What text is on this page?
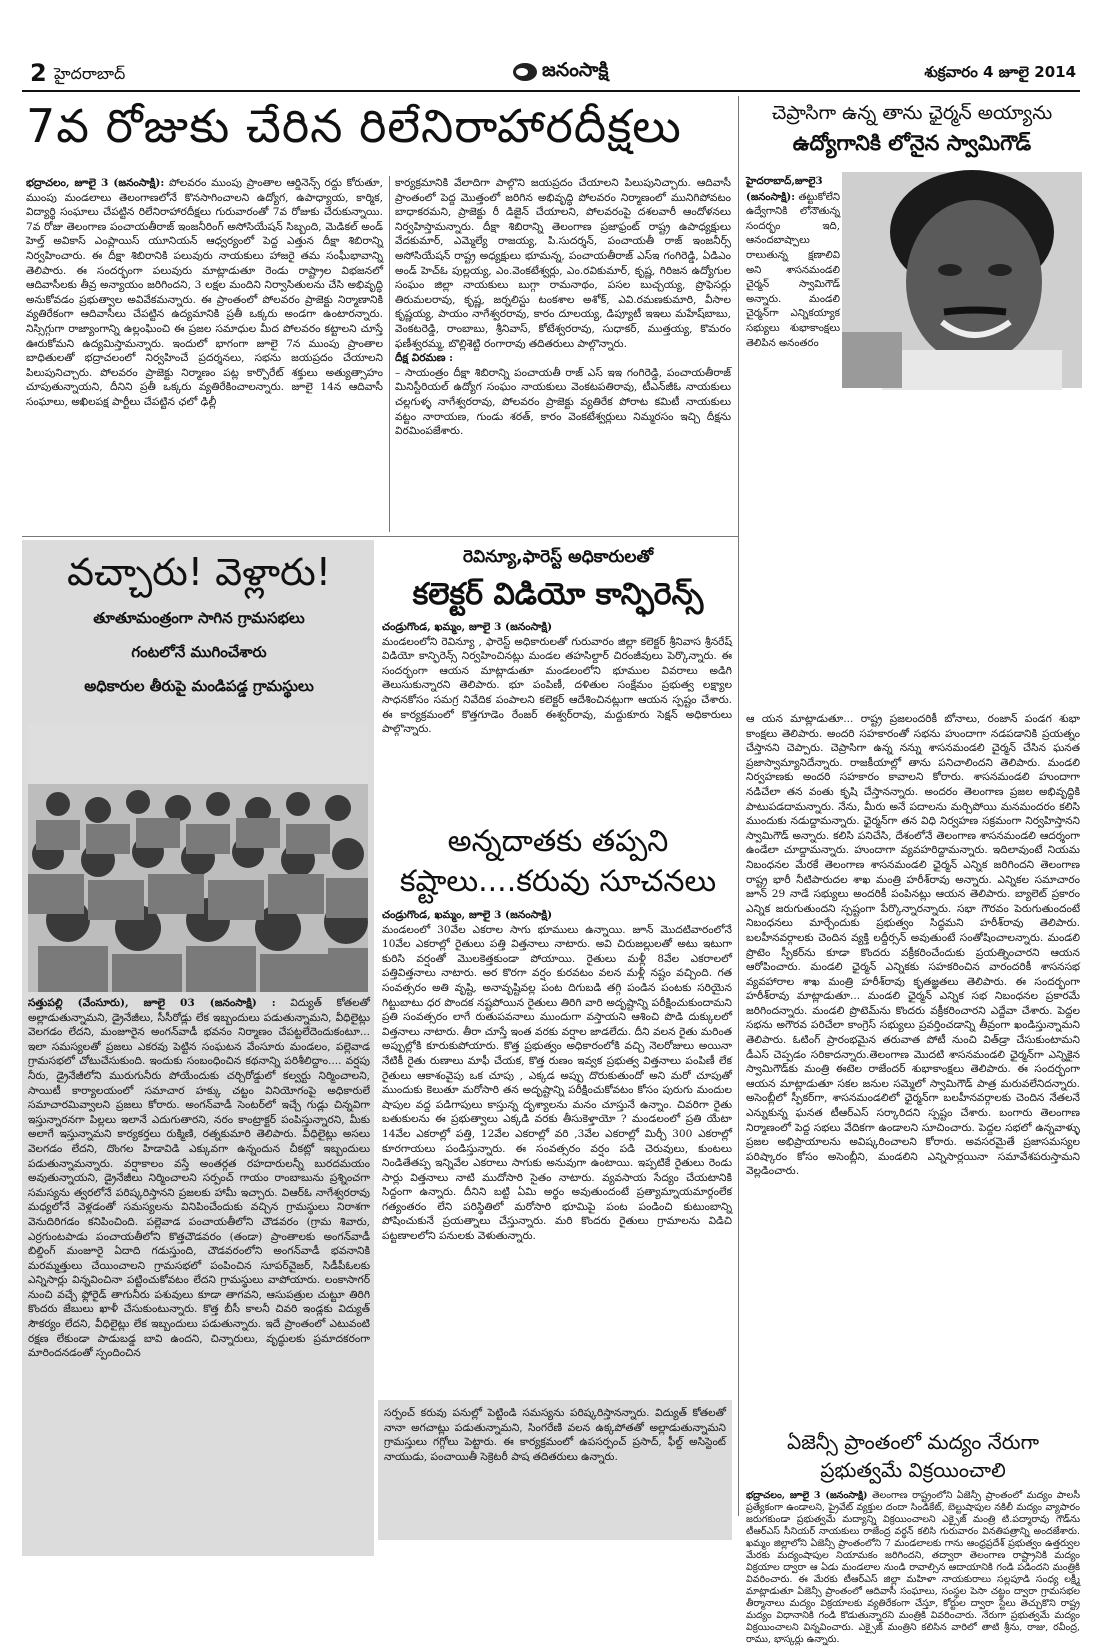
2 హైదరాబాద్	జనంసాక్షి	శుక్రవారం 4 జూలై 2014
7వ రోజుకు చేరిన రిలేనిరాహారదీక్షలు
భద్రాచలం, జూలై 3 (జనంసాక్షి): పోలవరం ముంపు ప్రాంతాల ఆర్డినెన్స్ రద్దు కోరుతూ, ముంపు మండలాలు తెలంగాణలోనే కొనసాగించాలని ఉద్యోగ, ఉపాధ్యాయ, కార్మిక, విద్యార్థి సంఘాలు చేపట్టిన రిలేనిరాహారదీక్షలు గురువారంతో 7వ రోజుకు చేరుకున్నాయి. 7వ రోజు తెలంగాణ పంచాయతీరాజ్ ఇంజనీరింగ్ అసోసియేషన్ సిబ్బంది, మెడికల్ అండ్ హెల్త్ అవికాస్ ఎంప్లాయిస్ యూనియన్ ఆధ్వర్యంలో పెద్ద ఎత్తున దీక్షా శిబిరాన్ని నిర్వహించారు. ఈ దీక్షా శిబిరానికి పలువురు నాయకులు హాజరై తమ సంఘీభావాన్ని తెలిపారు. ఈ సందర్భంగా పలువురు మాట్లాడుతూ రెండు రాష్ట్రాల విభజనలో ఆదివాసీలకు తీవ్ర అన్యాయం జరిగిందని, 3 లక్షల మందిని నిర్వాసితులను చేసి అభివృద్ధి అనుకోవడం ప్రభుత్వాల అవివేకమన్నారు. ఈ ప్రాంతంలో పోలవరం ప్రాజెక్టు నిర్మాణానికి వ్యతిరేకంగా ఆదివాసీలు చేపట్టిన ఉద్యమానికి ప్రతీ ఒక్కరు అండగా ఉంటారన్నారు. నిస్సిగ్గుగా రాజ్యాంగాన్ని ఉల్లంఘించి ఈ ప్రజల సమాధుల మీద పోలవరం కట్టాలని చూస్తే ఊరుకోమని ఉద్యమిస్తామన్నారు. ఇందులో భాగంగా జూలై 7న ముంపు ప్రాంతాల బాధితులతో భద్రాచలంలో నిర్వహించే ప్రదర్శనలు, సభను జయప్రదం చేయాలని పిలుపునిచ్చారు. పోలవరం ప్రాజెక్టు నిర్మాణం పట్ల కార్పొరేట్ శక్తులు అత్యుత్సాహం చూపుతున్నాయని, దీనిని ప్రతీ ఒక్కరు వ్యతిరేకించాలన్నారు. జూలై 14న ఆదివాసీ సంఘాలు, అఖిలపక్ష పార్టీలు చేపట్టిన ఛలో ఢిల్లీ
కార్యక్రమానికి వేలాదిగా పాల్గొని జయప్రదం చేయాలని పిలుపునిచ్చారు. ఆదివాసీ ప్రాంతంలో పెద్ద మొత్తంలో జరిగిన అభివృద్ధి పోలవరం నిర్మాణంలో మునిగిపోవటం బాధాకరమని, ప్రాజెక్టు రీ డిజైన్ చేయాలని, పోలవరంపై దశలవారీ ఆందోళనలు నిర్వహిస్తామన్నారు. దీక్షా శిబిరాన్ని తెలంగాణ ప్రజాఫ్రంట్ రాష్ట్ర ఉపాధ్యక్షులు వేదకుమార్, ఎమ్మెల్యే రాజయ్య, పి.సుదర్శన్, పంచాయతీ రాజ్ ఇంజనీర్స్ అసోసియేషన్ రాష్ట్ర అధ్యక్షులు భూమన్న, పంచాయతీరాజ్ ఎస్ఇ గంగిరెడ్డి, ఏడిఎం అండ్ హెచ్ఓ పుల్లయ్య, ఎం.వెంకటేశ్వర్లు, ఎం.రవికుమార్, కృష్ణ, గిరిజన ఉద్యోగుల సంఘం జిల్లా నాయకులు బుగ్గా రామనాథం, పసల బుచ్చయ్య, ప్రొఫెసర్లు తిరుమలరావు, కృష్ణ, జర్నలిస్టు టంకశాల అశోక్, ఎవి.రమణకుమారి, వీసాల కృష్ణయ్య, పాయం నాగేశ్వరరావు, కారం దూలయ్య, డిప్యూటీ ఇఇలు మహేష్‌బాబు, వెంకటరెడ్డి, రాంబాబు, శ్రీనివాస్, కోటేశ్వరరావు, సుధాకర్, ముత్తయ్య, కొమరం ఫణీశ్వరమ్మ, బొల్లిశెట్టి రంగారావు తదితరులు పాల్గొన్నారు.
దీక్ష విరమణ :
– సాయంత్రం దీక్షా శిబిరాన్ని పంచాయతీ రాజ్ ఎస్ ఇఇ గంగిరెడ్డి, పంచాయతీరాజ్ మినిస్టీరియల్ ఉద్యోగ సంఘం నాయకులు వెంకటపతిరావు, టీఎన్‌జీఓ నాయకులు చల్లగుళ్ళ నాగేశ్వరరావు, పోలవరం ప్రాజెక్టు వ్యతిరేక పోరాట కమిటీ నాయకులు వట్టం నారాయణ, గుండు శరత్, కారం వెంకటేశ్వర్లులు నిమ్మరసం ఇచ్చి దీక్షను విరమింపజేశారు.

చెప్రాసిగా ఉన్న తాను ఛైర్మన్ అయ్యాను

ఉద్యోగానికి లోనైన స్వామిగౌడ్

హైదరాబాద్,జూలై3 (జనంసాక్షి): తట్టుకోలేని ఉద్వేగానికి లోనౌతున్న సందర్భం ఇది, ఆనందబాష్పాలు రాలుతున్న క్షణాలివి అని శాసనమండలి చైర్మన్ స్వామిగౌడ్ అన్నారు. మండలి చైర్మన్‌గా ఎన్నికయ్యాక సభ్యులు శుభాకాంక్షలు తెలిపిన అనంతరం
ఆ యన మాట్లాడుతూ... రాష్ట్ర ప్రజలందరికీ బోనాలు, రంజాన్ పండగ శుభా కాంక్షలు తెలిపారు. అందరి సహకారంతో సభను హుందాగా నడపడానికి ప్రయత్నం చేస్తానని చెప్పారు. చెప్రాసిగా ఉన్న నన్ను శాసనమండలి చైర్మన్ చేసిన ఘనత ప్రజాస్వామ్యానిదేన్నారు. రాజకీయాల్లో తాను పనిచాలిందని తెలిపారు. మండలి నిర్వహణకు అందరి సహకారం కావాలని కోరారు. శాసనమండలి హుందాగా నడిచేలా తన వంతు కృషి చేస్తానన్నారు. అందరం తెలంగాణ ప్రజల అభివృద్ధికి పాటుపడదామన్నారు. నేను, మీరు అనే పదాలను మర్చిపోయి మనమందరం కలిసి ముందుకు నడుద్దామన్నారు. ఛైర్మన్‌గా తన విధి నిర్వహణ సక్రమంగా నిర్వహిస్తానని స్వామిగౌడ్ అన్నారు. కలిసి పనిచేసి, దేశంలోనే తెలంగాణ శాసనమండలి ఆదర్శంగా ఉండేలా చూద్దామన్నారు. హుందాగా వ్యవహరిద్దామన్నారు. ఇదిలావుంటే నియమ నిబంధనల మేరకే తెలంగాణ శాసనమండలి ఛైర్మన్ ఎన్నిక జరిగిందని తెలంగాణ రాష్ట్ర భారీ నీటిపారుదల శాఖ మంత్రి హరీశ్‌రావు అన్నారు. ఎన్నికల సమాచారం జూన్ 29 నాడే సభ్యులు అందరికీ పంపినట్లు ఆయన తెలిపారు. బ్యాలెట్ ప్రకారం ఎన్నిక జరుగుతుందని స్పష్టంగా పేర్కొన్నారన్నారు. సభా గౌరవం పెరుగుతుందంటే నిబంధనలు మార్చేందుకు ప్రభుత్వం సిద్ధమని హరీశ్‌రావు తెలిపారు. బలహీనవర్గాలకు చెందిన వ్యక్తి లద్దీర్సన్ అవుతుంటే సంతోషించాలన్నారు. మండలి ప్రొటెం స్పీకర్‌ను కూడా కొందరు వక్రీకరించేందుకు ప్రయత్నించారని ఆయన ఆరోపించారు. మండలి ఛైర్మన్ ఎన్నికకు సహకరించిన వారందరికీ శాసనసభ వ్యవహారాల శాఖ మంత్రి హరీశ్‌రావు కృతజ్ఞతలు తెలిపారు. ఈ సందర్భంగా హరీశ్‌రావు మాట్లాడుతూ... మండలి ఛైర్మన్ ఎన్నిక సభ నిబంధనల ప్రకారమే జరిగిందన్నారు. మండలి ప్రొటెమ్‌ను కొందరు వక్రీకరించారని ఎద్దేవా చేశారు. పెద్దల సభను అగౌరవ పరిచేలా కాంగ్రెస్ సభ్యులు ప్రవర్తించడాన్ని తీవ్రంగా ఖండిస్తున్నామని తెలిపారు. ఓటింగ్ ప్రారంభమైన తరువాత పోటీ నుంచి విత్‌డ్రా చేసుకుంటామని డీఎస్ చెప్పడం సరికాదన్నారు.తెలంగాణ మొదటి శాసనమండలి ఛైర్మన్‌గా ఎన్నికైన స్వామిగౌడ్‌కు మంత్రి ఈటెల రాజేందర్ శుభాకాంక్షలు తెలిపారు. ఈ సందర్భంగా ఆయన మాట్లాడుతూ సకల జనుల సమ్మెలో స్వామిగౌడ్ పాత్ర మరువలేనిదన్నారు. అసెంబ్లీలో స్పీకర్‌గా, శాసనమండలిలో ఛైర్మన్‌గా బలహీనవర్గాలకు చెందిన నేతలనే ఎన్నుకున్న ఘనత టీఆర్ఎస్ సర్కారిదని స్పష్టం చేశారు. బంగారు తెలంగాణ నిర్మాణంలో పెద్ద సభలు వేదికగా ఉండాలని సూచించారు. పెద్దల సభలో ఉన్నవాళ్ళు ప్రజల అభిప్రాయాలను అవిష్కరించాలని కోరారు. అవసరమైతే ప్రజాసమస్యల పరిష్కారం కోసం అసెంబ్లీని, మండలిని ఎన్నిసార్లయినా సమావేశపరుస్తామని వెల్లడించారు.

ఏజెన్సీ ప్రాంతంలో మద్యం నేరుగా

ప్రభుత్వమే విక్రయించాలి

భద్రాచలం, జూలై 3 (జనంసాక్షి) తెలంగాణ రాష్ట్రంలోని ఏజెన్సీ ప్రాంతంలో మద్యం పాలసీ ప్రత్యేకంగా ఉండాలని, ప్రైవేట్ వ్యక్తుల దందా సిండికేట్, బెల్టుషాపుల నకిలీ మద్యం వ్యాపారం జరుగకుండా ప్రభుత్వమే మద్యాన్ని విక్రయించాలని ఎక్సైజ్ మంత్రి టి.పద్మారావు గౌడ్‌ను టీఆర్ఎస్ సీనియర్ నాయకులు రాజేంద్ర వర్ధన్ కలిసి గురువారం వినతిపత్రాన్ని అందజేశారు. ఖమ్మం జిల్లాలోని ఏజెన్సీ ప్రాంతంలోని 7 మండలాలకు గాను ఆంధ్రప్రదేశ్ ప్రభుత్వం ఉత్తర్వుల మేరకు మద్యంషాపుల నియామకం జరిగిందని, తద్వారా తెలంగాణ రాష్ట్రానికి మద్యం విక్రయాల ద్వారా ఆ ఏడు మండలాల నుండి రావాల్సిన ఆదాయానికి గండి పడిందని మంత్రికి వివరించారు. ఈ మేరకు టీఆర్ఎస్ జిల్లా మహిళా నాయకురాలు సల్లపూడి సంధ్య లక్ష్మీ మాట్లాడుతూ ఏజెన్సీ ప్రాంతంలో ఆదివాసీ సంఘాలు, సంస్థల పెసా చట్టం ద్వారా గ్రామసభల తీర్మానాలు మద్యం విక్రయాలకు వ్యతిరేకంగా చేస్తూ, కోర్టుల ద్వారా స్టేలు తెచ్చుకొని రాష్ట్ర మద్యం విధానానికి గండి కొడుతున్నారని మంత్రికి వివరించారు. నేరుగా ప్రభుత్వమే మద్యం విక్రయించాలని విన్నవించారు. ఎక్సైజ్ మంత్రిని కలిసిన వారిలో తాటి శ్రీను, రాజు, రవీంద్ర, రాము, భాస్కర్లు ఉన్నారు.
వచ్చారు! వెళ్లారు!

తూతూమంత్రంగా సాగిన గ్రామసభలు

గంటలోనే ముగించేశారు

అధికారుల తీరుపై మండిపడ్డ గ్రామస్థులు

సత్తుపల్లి (వేంసూరు), జూలై 03 (జనంసాక్షి) : విద్యుత్ కోతలతో అల్లాడుతున్నామని, డ్రైనేజీలు, సీసీరోడ్లు లేక ఇబ్బందులు పడుతున్నామని, వీధిలైట్లు వెలగడం లేదని, మంజూరైన అంగన్‌వాడీ భవనం నిర్మాణం చేపట్టలేదెందుకంటూ... ఇలా సమస్యలతో ప్రజలు ఎకరవు పెట్టిన సంఘటన వేంసూరు మండలం, పల్లెవాడ గ్రామసభలో చోటుచేసుకుంది. ఇందుకు సంబంధించిన కథనాన్ని పరిశీలిద్దాం.... వర్షపు నీరు, డ్రైనేజీలోని మురుగునీరు పోయేందుకు చర్చిరోడ్డులో కల్వర్టు నిర్మించాలని, సాయిటీ కార్యాలయంలో సమాచార హక్కు చట్టం వినియోగంపై అధికారులే సమాచారమివ్వాలని ప్రజలు కోరారు. అంగన్‌వాడీ సెంటర్‌లో ఇచ్చే గుడ్లు చిన్నవిగా ఇస్తున్నారనగా పిల్లలు ఇలానే ఎదుగుతారని, నరం కాంట్రాక్టర్ పంపిస్తున్నారని, మీకు అలాగే ఇస్తున్నామని కార్యకర్తలు రుక్మిణి, రత్నకుమారి తెలిపారు. వీధిలైట్లు అసలు వెలగడం లేదని, దొంగల హిడావిడి ఎక్కువగా ఉన్నందున చీకట్లో ఇబ్బందులు పడుతున్నామన్నారు. వర్షాకాలం వస్తే అంతర్గత రహదారులన్నీ బురదమయం అవుతున్నాయని, డ్రైనేజీలు నిర్మించాలని సర్పంచ్ గాయం రాంబాబును ప్రశ్నించగా సమస్యను త్వరలోనే పరిష్కరిస్తానని ప్రజలకు హామీ ఇచ్చారు. విఆర్ఓ నాగేశ్వరరావు మధ్యలోనే వెళ్లడంతో సమస్యలను వినిపించేందుకు వచ్చిన గ్రామస్థులు నిరాశగా వెనుదిరిగడం కనిపించింది. పల్లెవాడ పంచాయతీలోని చౌడవరం (గ్రామ శివారు, ఎర్రగుంటపాడు పంచాయతీలోని కొత్తచౌడవరం (తండా) ప్రాంతాలకు అంగన్‌వాడీ బిల్డింగ్ మంజూరై ఏదాది గడుస్తుంది, చౌడవరంలోని అంగన్‌వాడీ భవనానికి మరమ్మత్తులు చేయించాలని గ్రామసభలో పంపించిన సూపర్‌వైజర్, సిడీపీఓలకు ఎన్నిసార్లు విన్నవించినా పట్టించుకోవటం లేదని గ్రామస్థులు వాపోయారు. లంకాసాగర్ నుంచి వచ్చే ఫ్లోరైడ్ తాగునీరు పశువులు కూడా తాగవని, ఆసుపత్రుల చుట్టూ తిరిగి కొందరు జేబులు ఖాళీ చేసుకుంటున్నారు. కొత్త బీసీ కాలనీ చివరి ఇండ్లకు విద్యుత్ సౌకర్యం లేదని, వీధిలైట్లు లేక ఇబ్బందులు పడుతున్నారు. ఇదే ప్రాంతంలో ఎటువంటి రక్షణ లేకుండా పాడుబడ్డ బావి ఉందని, చిన్నారులు, వృద్ధులకు ప్రమాదకరంగా మారిందనడంతో స్పందించిన

రెవిన్యూ,ఫారెస్ట్ అధికారులతో

కలెక్టర్ విడియో కాన్ఫిరెన్స్
చండ్రుగొండ, ఖమ్మం, జూలై 3 (జనంసాక్షి)
మండలంలోని రెవిన్యూ , ఫారెస్ట్ అధికారులతో గురువారం జిల్లా కలెక్టర్ శ్రీనివాస శ్రీనరేష్ విడియో కాన్ఫిరెన్స్ నిర్వహించినట్లు మండల తహసిల్దార్ చిరంజీవులు పెర్కొన్నారు. ఈ సందర్భంగా ఆయన మాట్లాడుతూ మండలంలోని భూముల వివరాలు అడిగి తెలుసుకున్నారని తెలిపారు. భూ పంపిణీ, దళితుల సంక్షేమం ప్రభుత్వ లక్ష్యాల సాధనకోసం సమగ్ర నివేదిక పంపాలని కలెక్టర్ ఆదేశించినట్లుగా ఆయన స్పష్టం చేశారు. ఈ కార్యక్రమంలో కొత్తగూడెం రేంజర్ ఈశ్వర్‌రావు, మద్దుకూరు సెక్షన్ అధికారులు పాల్గొన్నారు.

అన్నదాతకు తప్పని

కష్టాలు....కరువు సూచనలు

చండ్రుగొండ, ఖమ్మం, జూలై 3 (జనంసాక్షి)
మండలంలో 30వేల ఎకరాల సాగు భూములు ఉన్నాయి. జూన్ మొదటివారంలోనే 10వేల ఎకరాల్లో రైతులు పత్తి విత్తనాలు నాటారు. అవి చిరుజల్లులతో అటు ఇటుగా కురిసి వర్షంతో మొలకెత్తకుండా పోయాయి. రైతులు మళ్లీ 8వేల ఎకరాలలో పత్తివిత్తనాలు నాటారు. అర కొరగా వర్షం కురవటం వలన మళ్లీ నష్టం వచ్చింది. గత సంవత్సరం అతి వృష్టి, అనావృష్టివల్ల పంట దిగుబడి తగ్గి పండిన పంటకు సరియైన గిట్టుబాటు ధర పొందక నష్టపోయిన రైతులు తిరిగి వారి అదృష్టాన్ని పరీక్షించుకుందామని ప్రతి సంవత్సరం లాగే రుతుపవనాలు ముందుగా వస్తాయని ఆశించి పొడి దుక్కులలో విత్తనాలు నాటారు. తీరా చూస్తే ఇంత వరకు వర్షాల జాడలేదు. దీని వలన రైతు మరింత అప్పుల్లోకి కూరుకుపోయారు. కొత్త ప్రభుత్వం అధికారంలోకి వచ్చి నెలరోజులు అయినా నేటికీ రైతు రుణాలు మాఫీ చేయక, కొత్త రుణం ఇవ్వక ప్రభుత్వ విత్తనాలు పంపిణీ లేక రైతులు ఆకాశంవైపు ఒక చూపు , ఎక్కడ అప్పు దొరుకుతుందో అని మరో చూపుతో ముందుకు కెలుతూ మరోసారి తన అదృష్టాన్ని పరీక్షించుకోవటం కోసం పురుగు మందుల షాపుల వద్ద పడిగాపులు కాస్తున్న దృశ్యాలను మనం చూస్తునే ఉన్నాం. చివరిగా రైతు బతుకులను ఈ ప్రభుత్వాలు ఎక్కడి వరకు తీసుకెళ్తాయో ? మండలంలో ప్రతి యేటా 14వేల ఎకరాల్లో పత్తి, 12వేల ఎకరాల్లో వరి ,3వేల ఎకరాల్లో మిర్చీ 300 ఎకరాల్లో కూరగాయలు పండిస్తున్నారు. ఈ సంవత్సరం వర్షం పడి చెరువులు, కుంటలు నిండితేతప్ప ఇన్నివేల ఎకరాలు సాగుకు అనువుగా ఉంటాయి. ఇప్పటికే రైతులు రెండు సార్లు విత్తనాలు నాటి ముదోసారి సైతం నాటారు. వ్యవసాయ సేద్యం చేయటానికి సిద్దంగా ఉన్నారు. దీనిని బట్టి ఏమి అర్థం అవుతుందంటే ప్రత్యామ్నాయమార్గంలేక గత్యంతరం లేని పరిస్థితిలో మరోసారి భూమిపై పంట పండించి కుటుంబాన్ని పోషించుకునే ప్రయత్నాలు చేస్తున్నారు. మరి కొందరు రైతులు గ్రామాలను విడిచి పట్టణాలలోని పనులకు వెళుతున్నారు.
సర్పంచ్ కరువు పనుల్లో పెట్టిండి సమస్యను పరిష్కరిస్తానన్నారు. విద్యుత్ కోతలతో నానా అగచాట్లు పడుతున్నామని, సింగరేణి వలన ఉక్కపోతతో అల్లాడుతున్నామని గ్రామస్తులు గగ్గోలు పెట్టారు. ఈ కార్యక్రమంలో ఉపసర్పంచ్ ప్రసాద్, ఫీల్డ్ అసిస్టెంట్ నాయుడు, పంచాయితీ సెక్రెటరీ పాష తదితరులు ఉన్నారు.
